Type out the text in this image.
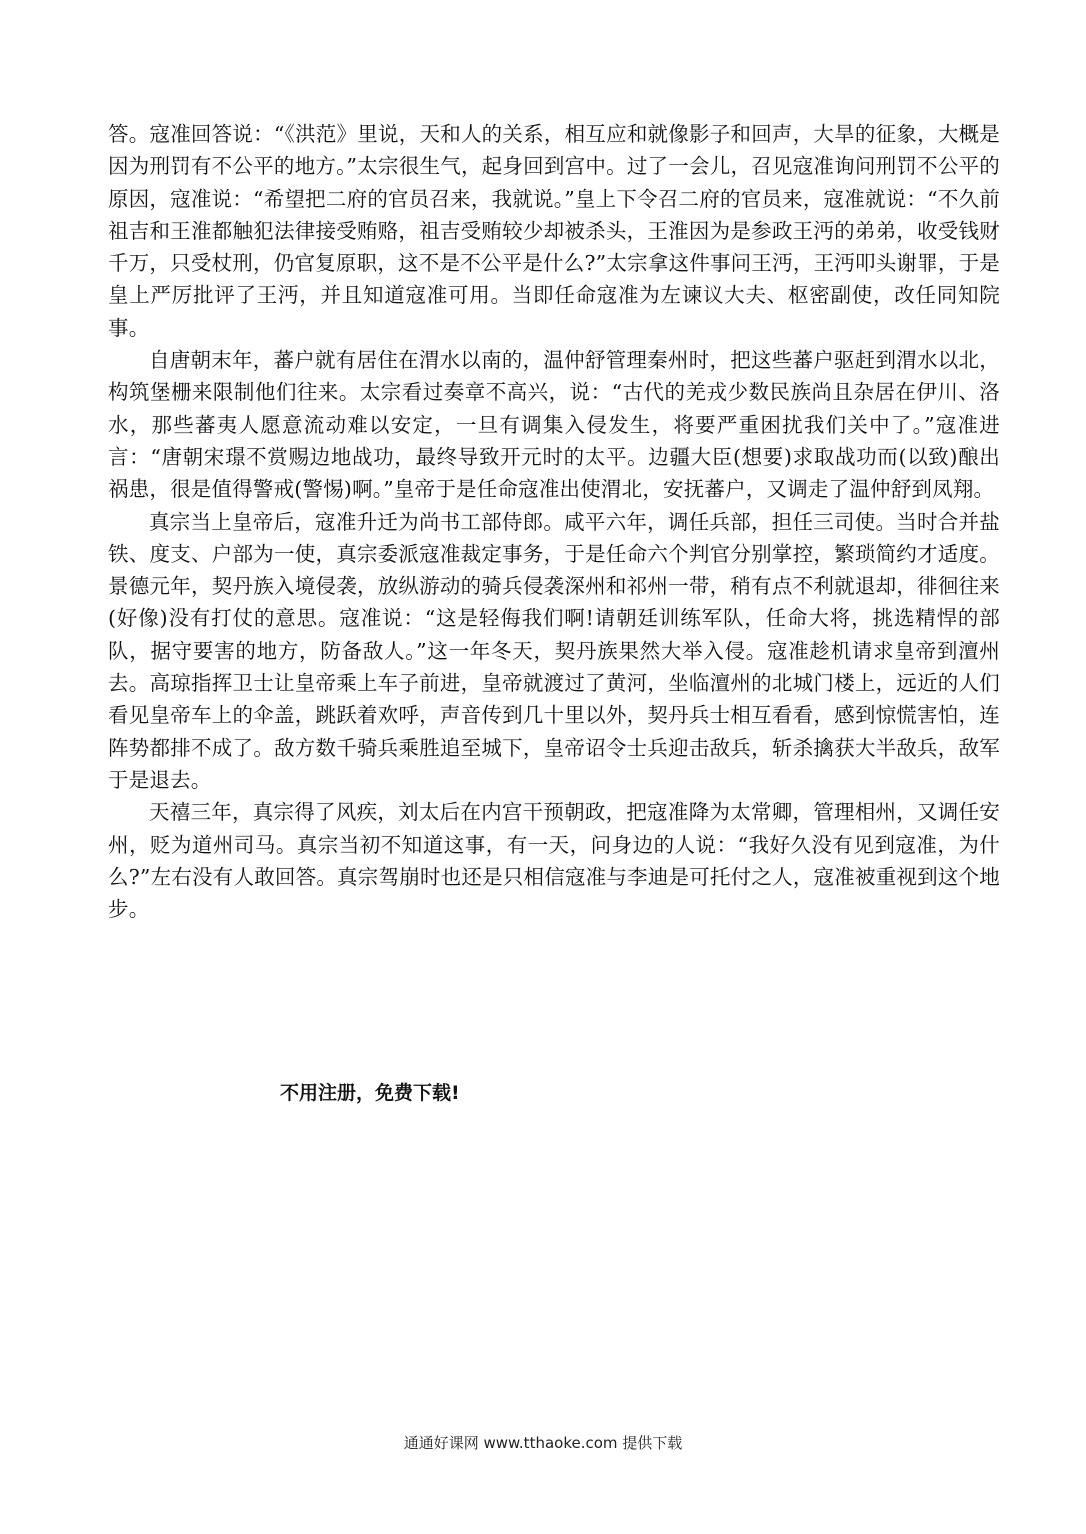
答。寇准回答说：“《洪范》里说，天和人的关系，相互应和就像影子和回声，大旱的征象，大概是因为刑罚有不公平的地方。”太宗很生气，起身回到宫中。过了一会儿，召见寇准询问刑罚不公平的原因，寇准说：“希望把二府的官员召来，我就说。”皇上下令召二府的官员来，寇准就说：“不久前祖吉和王淮都触犯法律接受贿赂，祖吉受贿较少却被杀头，王淮因为是参政王沔的弟弟，收受钱财千万，只受杖刑，仍官复原职，这不是不公平是什么?”太宗拿这件事问王沔，王沔叩头谢罪，于是皇上严厉批评了王沔，并且知道寇准可用。当即任命寇准为左谏议大夫、枢密副使，改任同知院事。

自唐朝末年，蕃户就有居住在渭水以南的，温仲舒管理秦州时，把这些蕃户驱赶到渭水以北，构筑堡栅来限制他们往来。太宗看过奏章不高兴，说：“古代的羌戎少数民族尚且杂居在伊川、洛水，那些蕃夷人愿意流动难以安定，一旦有调集入侵发生，将要严重困扰我们关中了。”寇准进言：“唐朝宋璟不赏赐边地战功，最终导致开元时的太平。边疆大臣(想要)求取战功而(以致)酿出祸患，很是值得警戒(警惕)啊。”皇帝于是任命寇准出使渭北，安抚蕃户，又调走了温仲舒到凤翔。

真宗当上皇帝后，寇准升迁为尚书工部侍郎。咸平六年，调任兵部，担任三司使。当时合并盐铁、度支、户部为一使，真宗委派寇准裁定事务，于是任命六个判官分别掌控，繁琐简约才适度。景德元年，契丹族入境侵袭，放纵游动的骑兵侵袭深州和祁州一带，稍有点不利就退却，徘徊往来(好像)没有打仗的意思。寇准说：“这是轻侮我们啊!请朝廷训练军队，任命大将，挑选精悍的部队，据守要害的地方，防备敌人。”这一年冬天，契丹族果然大举入侵。寇准趁机请求皇帝到澶州去。高琼指挥卫士让皇帝乘上车子前进，皇帝就渡过了黄河，坐临澶州的北城门楼上，远近的人们看见皇帝车上的伞盖，跳跃着欢呼，声音传到几十里以外，契丹兵士相互看看，感到惊慌害怕，连阵势都排不成了。敌方数千骑兵乘胜追至城下，皇帝诏令士兵迎击敌兵，斩杀擒获大半敌兵，敌军于是退去。

天禧三年，真宗得了风疾，刘太后在内宫干预朝政，把寇准降为太常卿，管理相州，又调任安州，贬为道州司马。真宗当初不知道这事，有一天，问身边的人说：“我好久没有见到寇准，为什么?”左右没有人敢回答。真宗驾崩时也还是只相信寇准与李迪是可托付之人，寇准被重视到这个地步。

不用注册，免费下载!
通通好课网 www.tthaoke.com 提供下载
